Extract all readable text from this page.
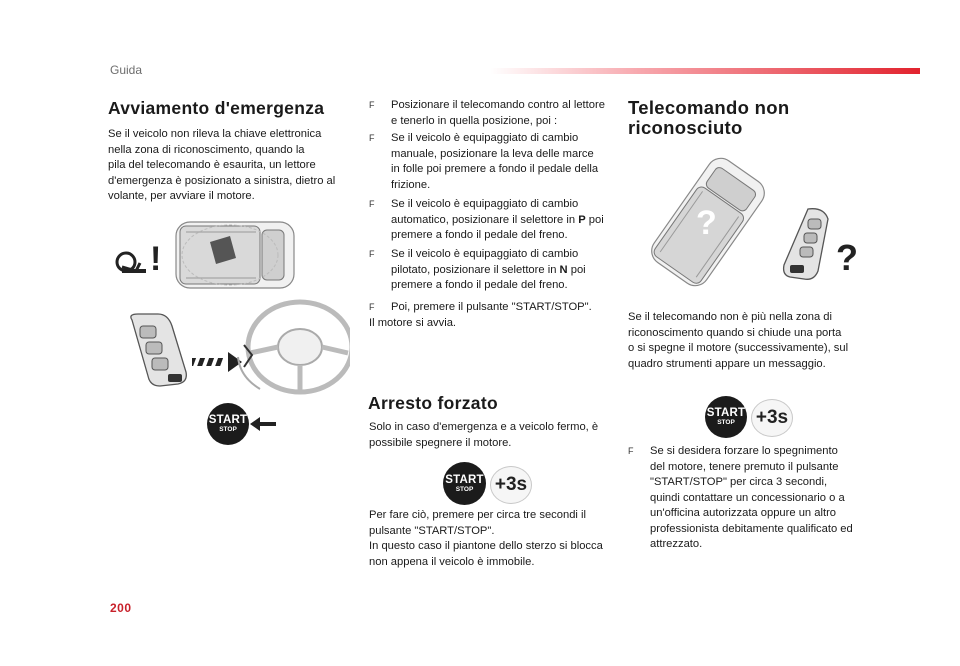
Guida
Avviamento d'emergenza
Se il veicolo non rileva la chiave elettronica
nella zona di riconoscimento, quando la
pila del telecomando è esaurita, un lettore
d'emergenza è posizionato a sinistra, dietro al
volante, per avviare il motore.
!
START
STOP
F Posizionare il telecomando contro al lettore
e tenerlo in quella posizione, poi :
F Se il veicolo è equipaggiato di cambio
manuale, posizionare la leva delle marce
in folle poi premere a fondo il pedale della
frizione.
F Se il veicolo è equipaggiato di cambio
automatico, posizionare il selettore in P poi
premere a fondo il pedale del freno.
F Se il veicolo è equipaggiato di cambio
pilotato, posizionare il selettore in N poi
premere a fondo il pedale del freno.
F Poi, premere il pulsante "START/STOP".
Il motore si avvia.
Arresto forzato
Solo in caso d'emergenza e a veicolo fermo, è
possibile spegnere il motore.
START
STOP +3s
Per fare ciò, premere per circa tre secondi il
pulsante "START/STOP".
In questo caso il piantone dello sterzo si blocca
non appena il veicolo è immobile.
Telecomando non
riconosciuto
?
?
Se il telecomando non è più nella zona di
riconoscimento quando si chiude una porta
o si spegne il motore (successivamente), sul
quadro strumenti appare un messaggio.
START
STOP +3s
F Se si desidera forzare lo spegnimento
del motore, tenere premuto il pulsante
"START/STOP" per circa 3 secondi,
quindi contattare un concessionario o a
un'officina autorizzata oppure un altro
professionista debitamente qualificato ed
attrezzato.
200
